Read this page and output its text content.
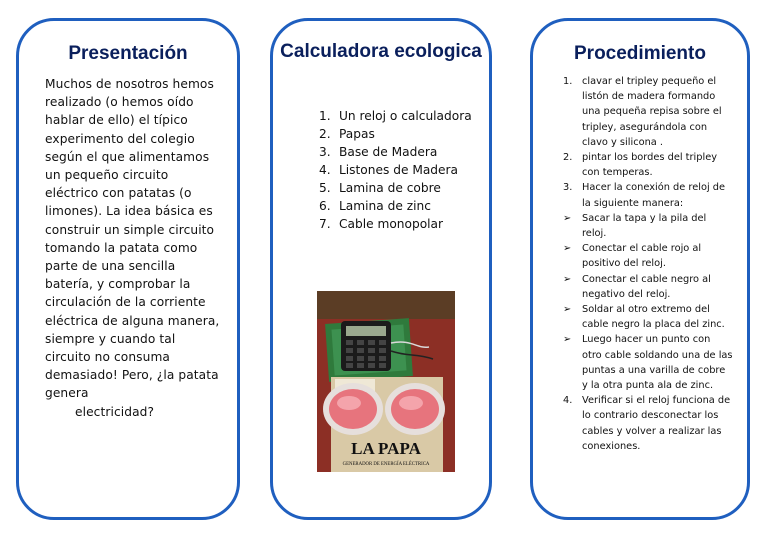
Presentación
Muchos de nosotros hemos realizado (o hemos oído hablar de ello) el típico experimento del colegio según el que alimentamos un pequeño circuito eléctrico con patatas (o limones). La idea básica es construir un simple circuito tomando la patata como parte de una sencilla batería, y comprobar la circulación de la corriente eléctrica de alguna manera, siempre y cuando tal circuito no consuma demasiado! Pero, ¿la patata genera
electricidad?
Calculadora ecologica
1. Un reloj o calculadora
2. Papas
3. Base de Madera
4. Listones de Madera
5. Lamina de cobre
6. Lamina de zinc
7. Cable monopolar
LA PAPA
GENERADOR DE ENERGÍA ELÉCTRICA
Procedimiento
1. clavar el tripley pequeño el listón de madera formando una pequeña repisa sobre el tripley, asegurándola con clavo y silicona .
2. pintar los bordes del tripley con temperas.
3. Hacer la conexión de reloj de la siguiente manera:
➢ Sacar la tapa y la pila del reloj.
➢ Conectar el cable rojo al positivo del reloj.
➢ Conectar el cable negro al negativo del reloj.
➢ Soldar al otro extremo del cable negro la placa del zinc.
➢ Luego hacer un punto con otro cable soldando una de las puntas a una varilla de cobre y la otra punta ala de zinc.
4. Verificar si el reloj funciona de lo contrario desconectar los cables y volver a realizar las conexiones.
